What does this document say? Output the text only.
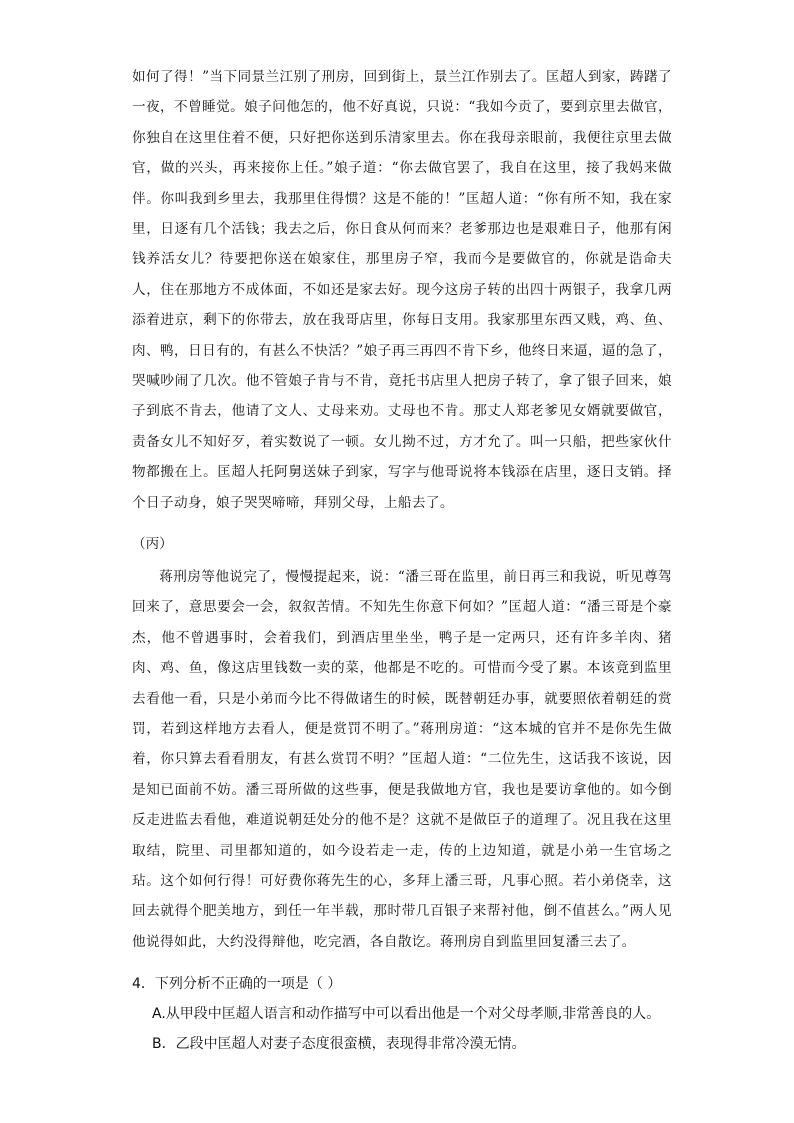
如何了得！”当下同景兰江别了刑房，回到街上，景兰江作别去了。匡超人到家，踌躇了一夜，不曾睡觉。娘子问他怎的，他不好真说，只说：“我如今贡了，要到京里去做官，你独自在这里住着不便，只好把你送到乐清家里去。你在我母亲眼前，我便往京里去做官，做的兴头，再来接你上任。”娘子道：“你去做官罢了，我自在这里，接了我妈来做伴。你叫我到乡里去，我那里住得惯？这是不能的！”匡超人道：“你有所不知，我在家里，日逐有几个活钱；我去之后，你日食从何而来？老爹那边也是艰难日子，他那有闲钱养活女儿？待要把你送在娘家住，那里房子窄，我而今是要做官的，你就是诰命夫人，住在那地方不成体面，不如还是家去好。现今这房子转的出四十两银子，我拿几两添着进京，剩下的你带去，放在我哥店里，你每日支用。我家那里东西又贱，鸡、鱼、肉、鸭，日日有的，有甚么不快活？”娘子再三再四不肯下乡，他终日来逼，逼的急了，哭喊吵闹了几次。他不管娘子肯与不肯，竟托书店里人把房子转了，拿了银子回来，娘子到底不肯去，他请了文人、丈母来劝。丈母也不肯。那丈人郑老爹见女婿就要做官，责备女儿不知好歹，着实数说了一顿。女儿拗不过，方才允了。叫一只船，把些家伙什物都搬在上。匡超人托阿舅送妹子到家，写字与他哥说将本钱添在店里，逐日支销。择个日子动身，娘子哭哭啼啼，拜别父母，上船去了。

（丙）

蒋刑房等他说完了，慢慢提起来，说：“潘三哥在监里，前日再三和我说，听见尊驾回来了，意思要会一会，叙叙苦情。不知先生你意下何如？”匡超人道：“潘三哥是个豪杰，他不曾遇事时，会着我们，到酒店里坐坐，鸭子是一定两只，还有许多羊肉、猪肉、鸡、鱼，像这店里钱数一卖的菜，他都是不吃的。可惜而今受了累。本该竟到监里去看他一看，只是小弟而今比不得做诸生的时候，既替朝廷办事，就要照依着朝廷的赏罚，若到这样地方去看人，便是赏罚不明了。”蒋刑房道：“这本城的官并不是你先生做着，你只算去看看朋友，有甚么赏罚不明？”匡超人道：“二位先生，这话我不该说，因是知已面前不妨。潘三哥所做的这些事，便是我做地方官，我也是要访拿他的。如今倒反走进监去看他，难道说朝廷处分的他不是？这就不是做臣子的道理了。况且我在这里取结，院里、司里都知道的，如今设若走一走，传的上边知道，就是小弟一生官场之玷。这个如何行得！可好费你蒋先生的心，多拜上潘三哥，凡事心照。若小弟侥幸，这回去就得个肥美地方，到任一年半载，那时带几百银子来帮衬他，倒不值甚么。”两人见他说得如此，大约没得辩他，吃完酒，各自散讫。蒋刑房自到监里回复潘三去了。

4．下列分析不正确的一项是（ ）

A.从甲段中匡超人语言和动作描写中可以看出他是一个对父母孝顺,非常善良的人。

B．乙段中匡超人对妻子态度很蛮横，表现得非常冷漠无情。
